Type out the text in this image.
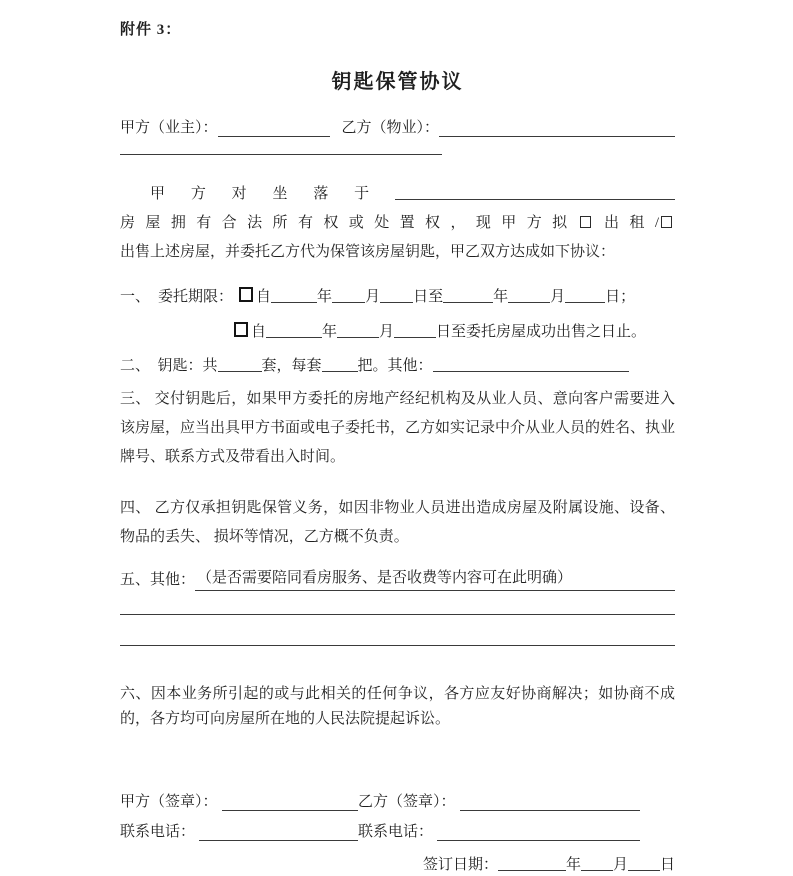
附件 3：
钥匙保管协议
甲方（业主）：	乙方（物业）：

甲方对坐落于房屋拥有合法所有权或处置权，现甲方拟 出租/出售上述房屋，并委托乙方代为保管该房屋钥匙，甲乙双方达成如下协议：

一、 委托期限： 自	年 月 日至	年	月	日；
自	年	月	日至委托房屋成功出售之日止。
二、　钥匙：共	套，每套 把。其他：

三、 交付钥匙后，如果甲方委托的房地产经纪机构及从业人员、意向客户需要进入该房屋，应当出具甲方书面或电子委托书，乙方如实记录中介从业人员的姓名、执业牌号、联系方式及带看出入时间。

四、 乙方仅承担钥匙保管义务，如因非物业人员进出造成房屋及附属设施、设备、物品的丢失、 损坏等情况，乙方概不负责。

五、其他： （是否需要陪同看房服务、是否收费等内容可在此明确）

六、因本业务所引起的或与此相关的任何争议，各方应友好协商解决；如协商不成的，各方均可向房屋所在地的人民法院提起诉讼。

甲方（签章）：	乙方（签章）：
联系电话：	联系电话：
签订日期：	年 月 日
